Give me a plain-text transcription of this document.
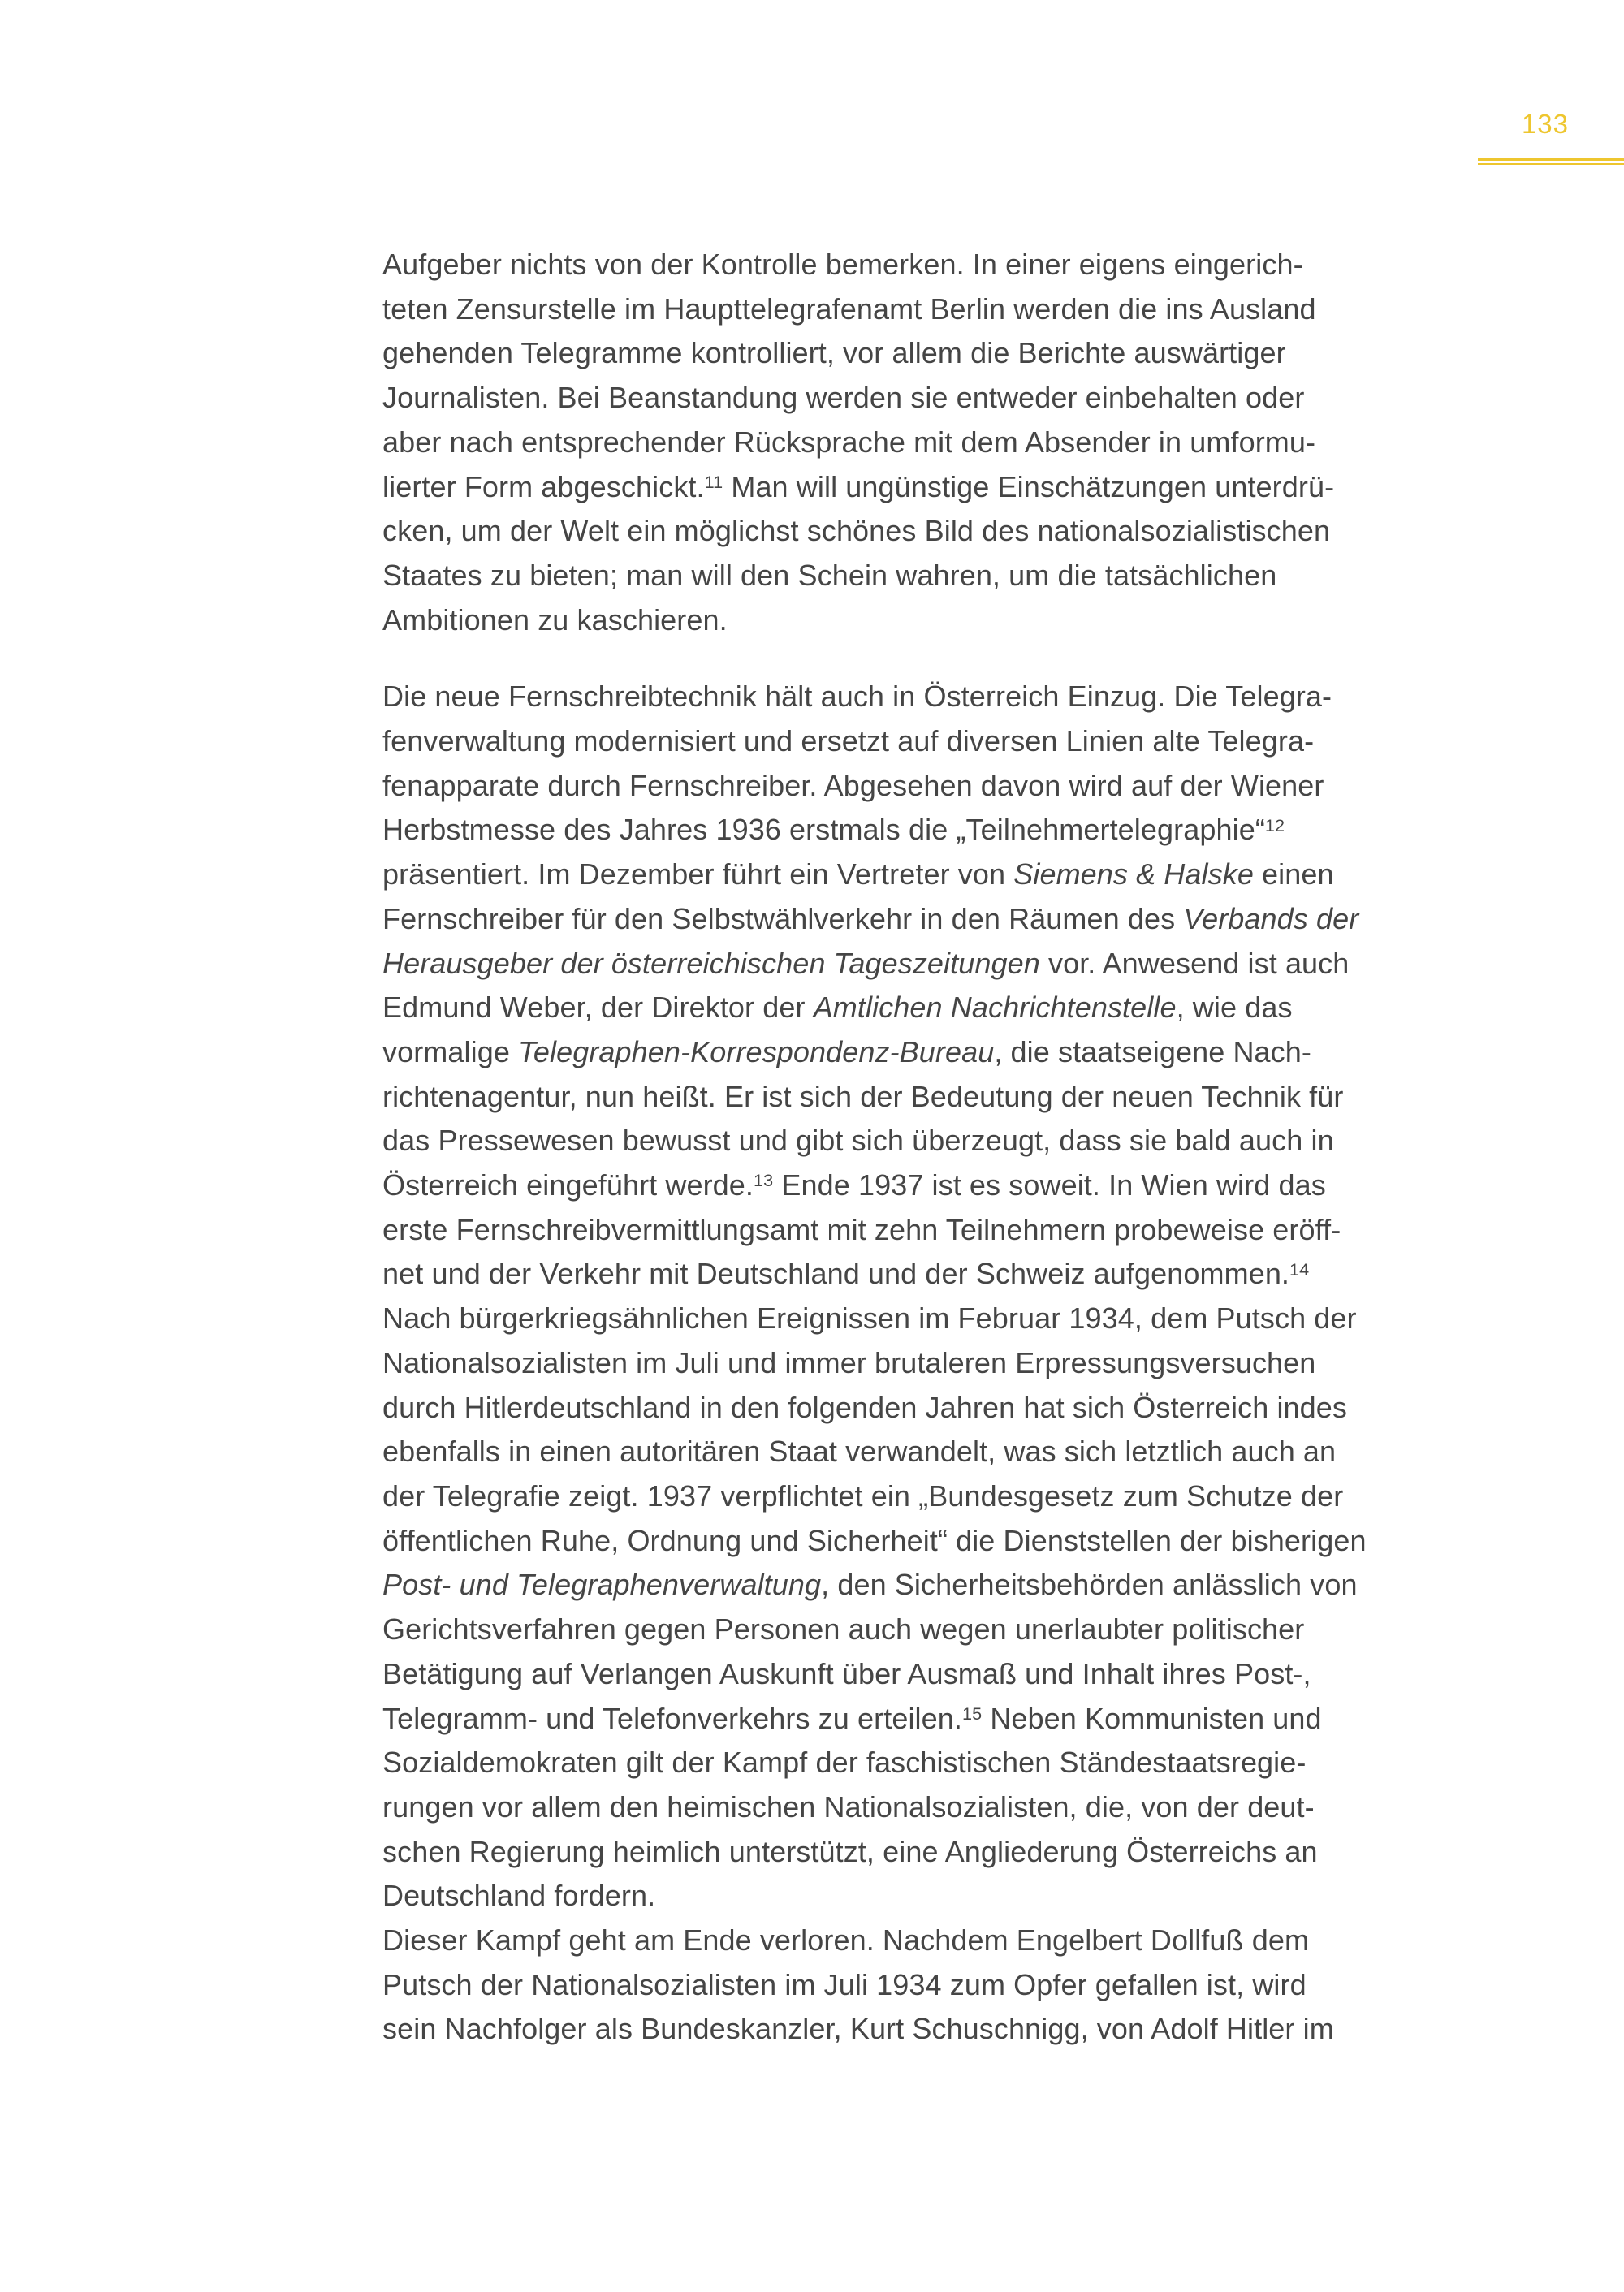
133
Aufgeber nichts von der Kontrolle bemerken. In einer eigens eingerich-
teten Zensurstelle im Haupttelegrafenamt Berlin werden die ins Ausland
gehenden Telegramme kontrolliert, vor allem die Berichte auswärtiger
Journalisten. Bei Beanstandung werden sie entweder einbehalten oder
aber nach entsprechender Rücksprache mit dem Absender in umformu-
lierter Form abgeschickt.$^{11}$ Man will ungünstige Einschätzungen unterdrü-
cken, um der Welt ein möglichst schönes Bild des nationalsozialistischen
Staates zu bieten; man will den Schein wahren, um die tatsächlichen
Ambitionen zu kaschieren.
Die neue Fernschreibtechnik hält auch in Österreich Einzug. Die Telegra-
fenverwaltung modernisiert und ersetzt auf diversen Linien alte Telegra-
fenapparate durch Fernschreiber. Abgesehen davon wird auf der Wiener
Herbstmesse des Jahres 1936 erstmals die „Teilnehmertelegraphie“$^{12}$
präsentiert. Im Dezember führt ein Vertreter von Siemens & Halske einen
Fernschreiber für den Selbstwählverkehr in den Räumen des Verbands der
Herausgeber der österreichischen Tageszeitungen vor. Anwesend ist auch
Edmund Weber, der Direktor der Amtlichen Nachrichtenstelle, wie das
vormalige Telegraphen-Korrespondenz-Bureau, die staatseigene Nach-
richtenagentur, nun heißt. Er ist sich der Bedeutung der neuen Technik für
das Pressewesen bewusst und gibt sich überzeugt, dass sie bald auch in
Österreich eingeführt werde.$^{13}$ Ende 1937 ist es soweit. In Wien wird das
erste Fernschreibvermittlungsamt mit zehn Teilnehmern probeweise eröff-
net und der Verkehr mit Deutschland und der Schweiz aufgenommen.$^{14}$
Nach bürgerkriegsähnlichen Ereignissen im Februar 1934, dem Putsch der
Nationalsozialisten im Juli und immer brutaleren Erpressungsversuchen
durch Hitlerdeutschland in den folgenden Jahren hat sich Österreich indes
ebenfalls in einen autoritären Staat verwandelt, was sich letztlich auch an
der Telegrafie zeigt. 1937 verpflichtet ein „Bundesgesetz zum Schutze der
öffentlichen Ruhe, Ordnung und Sicherheit“ die Dienststellen der bisherigen
Post- und Telegraphenverwaltung, den Sicherheitsbehörden anlässlich von
Gerichtsverfahren gegen Personen auch wegen unerlaubter politischer
Betätigung auf Verlangen Auskunft über Ausmaß und Inhalt ihres Post-,
Telegramm- und Telefonverkehrs zu erteilen.$^{15}$ Neben Kommunisten und
Sozialdemokraten gilt der Kampf der faschistischen Ständestaatsregie-
rungen vor allem den heimischen Nationalsozialisten, die, von der deut-
schen Regierung heimlich unterstützt, eine Angliederung Österreichs an
Deutschland fordern.
Dieser Kampf geht am Ende verloren. Nachdem Engelbert Dollfuß dem
Putsch der Nationalsozialisten im Juli 1934 zum Opfer gefallen ist, wird
sein Nachfolger als Bundeskanzler, Kurt Schuschnigg, von Adolf Hitler im
